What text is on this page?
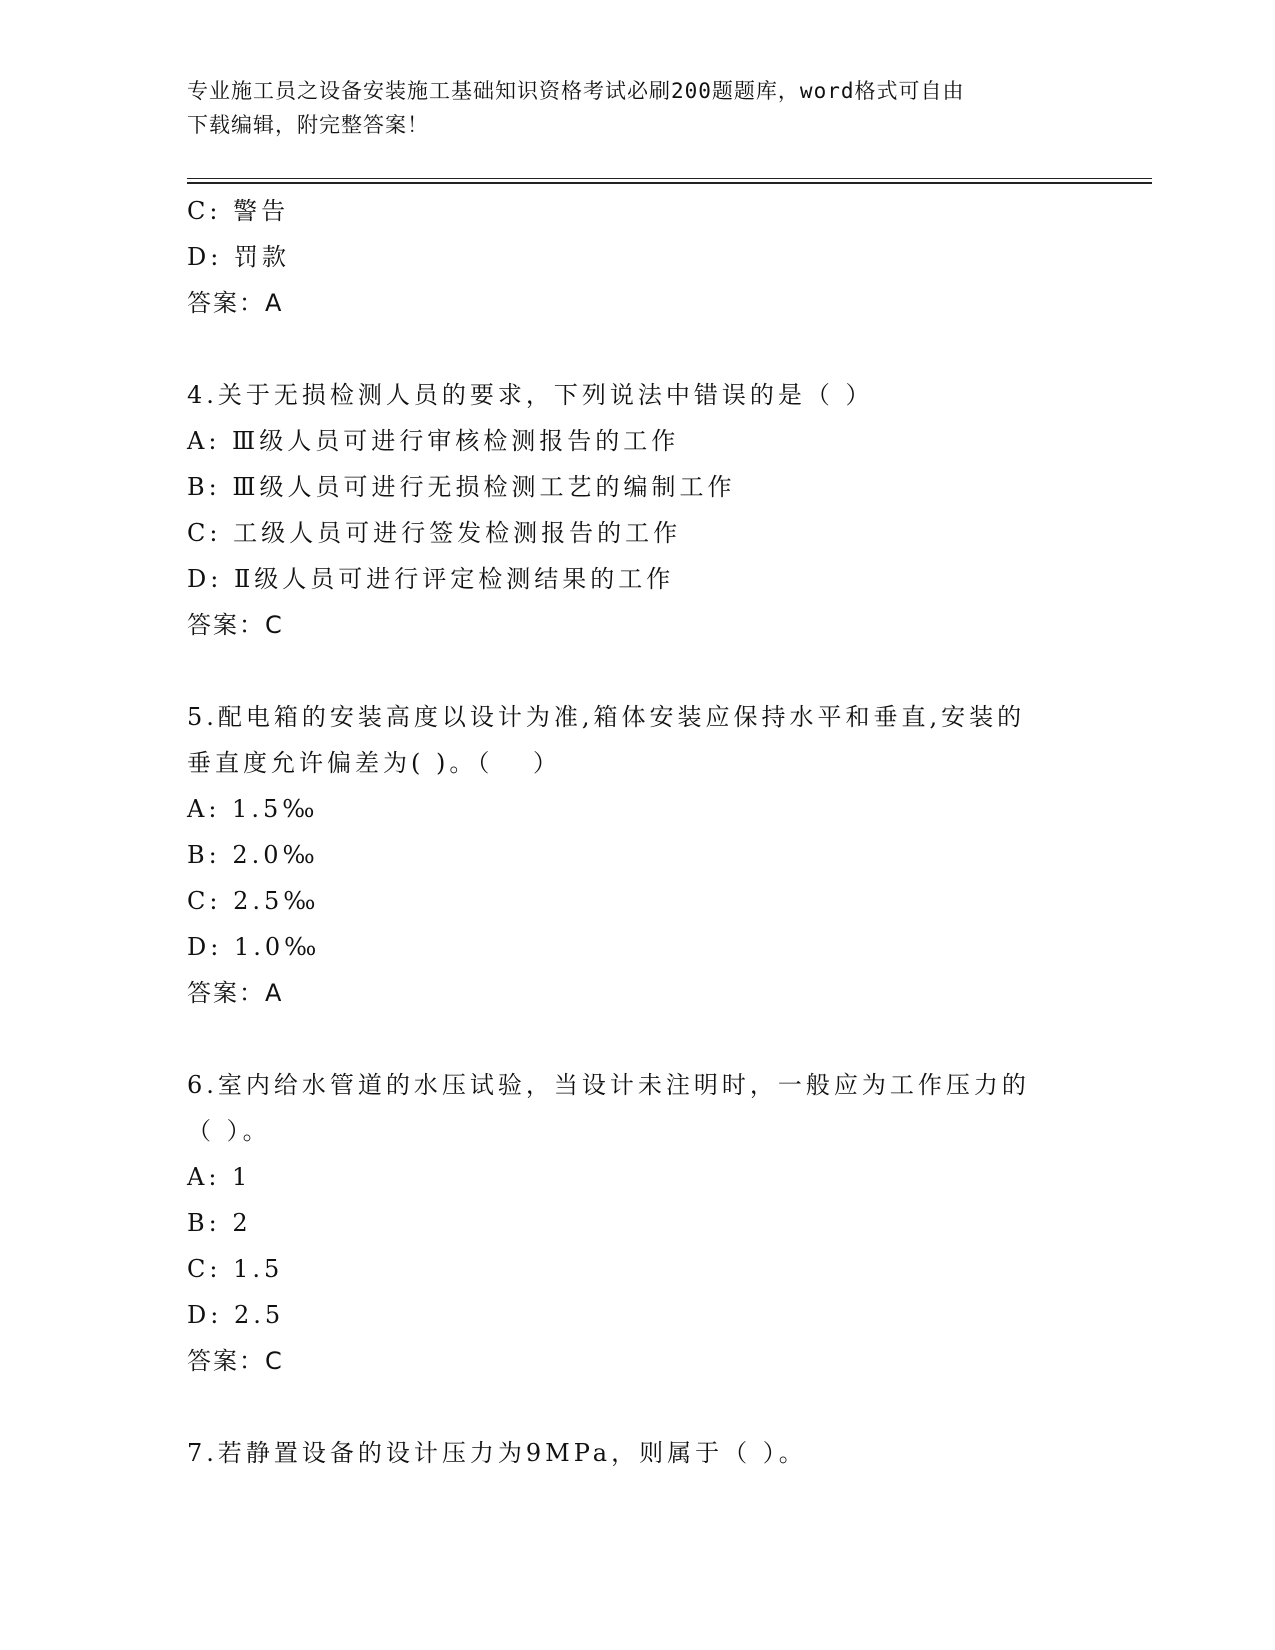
专业施工员之设备安装施工基础知识资格考试必刷200题题库，word格式可自由
下载编辑，附完整答案！
C: 警告
D: 罚款
答案：A
4.关于无损检测人员的要求，下列说法中错误的是（ ）
A: Ⅲ级人员可进行审核检测报告的工作
B: Ⅲ级人员可进行无损检测工艺的编制工作
C: 工级人员可进行签发检测报告的工作
D: Ⅱ级人员可进行评定检测结果的工作
答案：C
5.配电箱的安装高度以设计为准,箱体安装应保持水平和垂直,安装的
垂直度允许偏差为( )。（　 ）
A: 1.5‰
B: 2.0‰
C: 2.5‰
D: 1.0‰
答案：A
6.室内给水管道的水压试验，当设计未注明时，一般应为工作压力的
（ ）。
A: 1
B: 2
C: 1.5
D: 2.5
答案：C
7.若静置设备的设计压力为9MPa，则属于（ ）。
